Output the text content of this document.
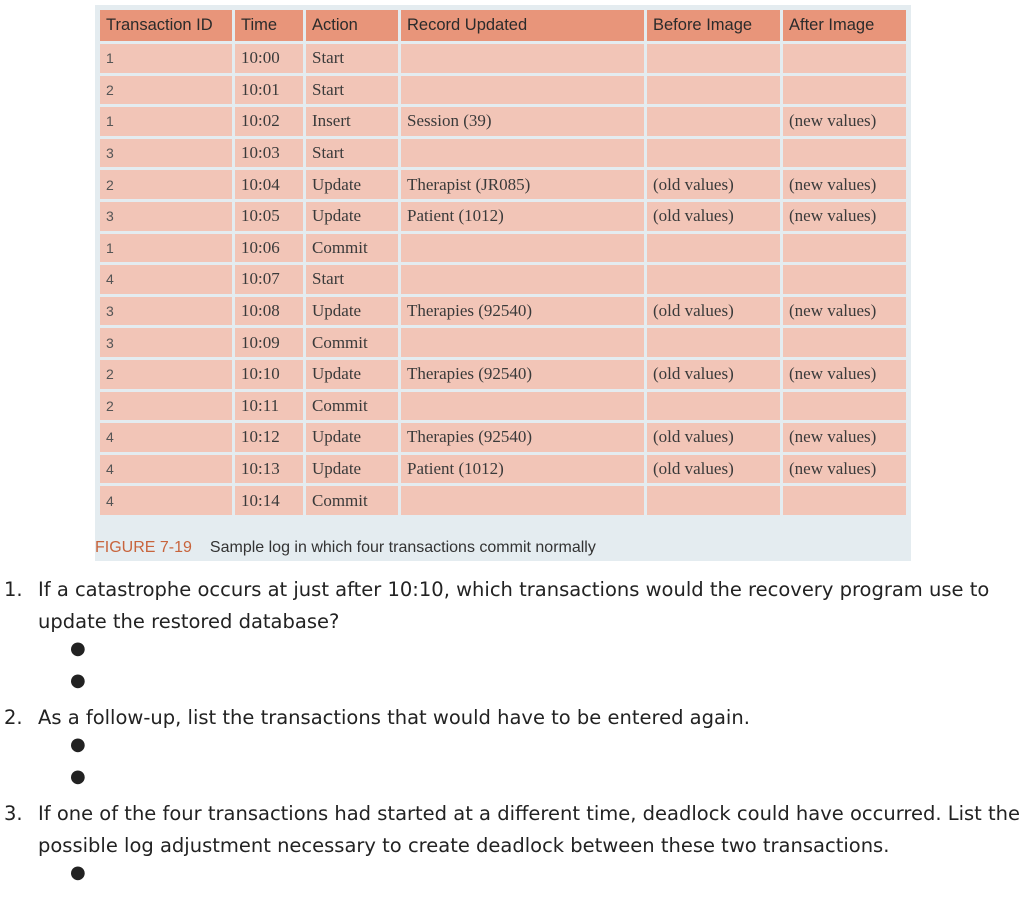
Transaction ID	Time	Action	Record Updated	Before Image	After Image
1	10:00	Start			
2	10:01	Start			
1	10:02	Insert	Session (39)		(new values)
3	10:03	Start			
2	10:04	Update	Therapist (JR085)	(old values)	(new values)
3	10:05	Update	Patient (1012)	(old values)	(new values)
1	10:06	Commit			
4	10:07	Start			
3	10:08	Update	Therapies (92540)	(old values)	(new values)
3	10:09	Commit			
2	10:10	Update	Therapies (92540)	(old values)	(new values)
2	10:11	Commit			
4	10:12	Update	Therapies (92540)	(old values)	(new values)
4	10:13	Update	Patient (1012)	(old values)	(new values)
4	10:14	Commit			
FIGURE 7-19 Sample log in which four transactions commit normally
1. If a catastrophe occurs at just after 10:10, which transactions would the recovery program use to
update the restored database?
●
●
2. As a follow-up, list the transactions that would have to be entered again.
●
●
3. If one of the four transactions had started at a different time, deadlock could have occurred. List the
possible log adjustment necessary to create deadlock between these two transactions.
●
